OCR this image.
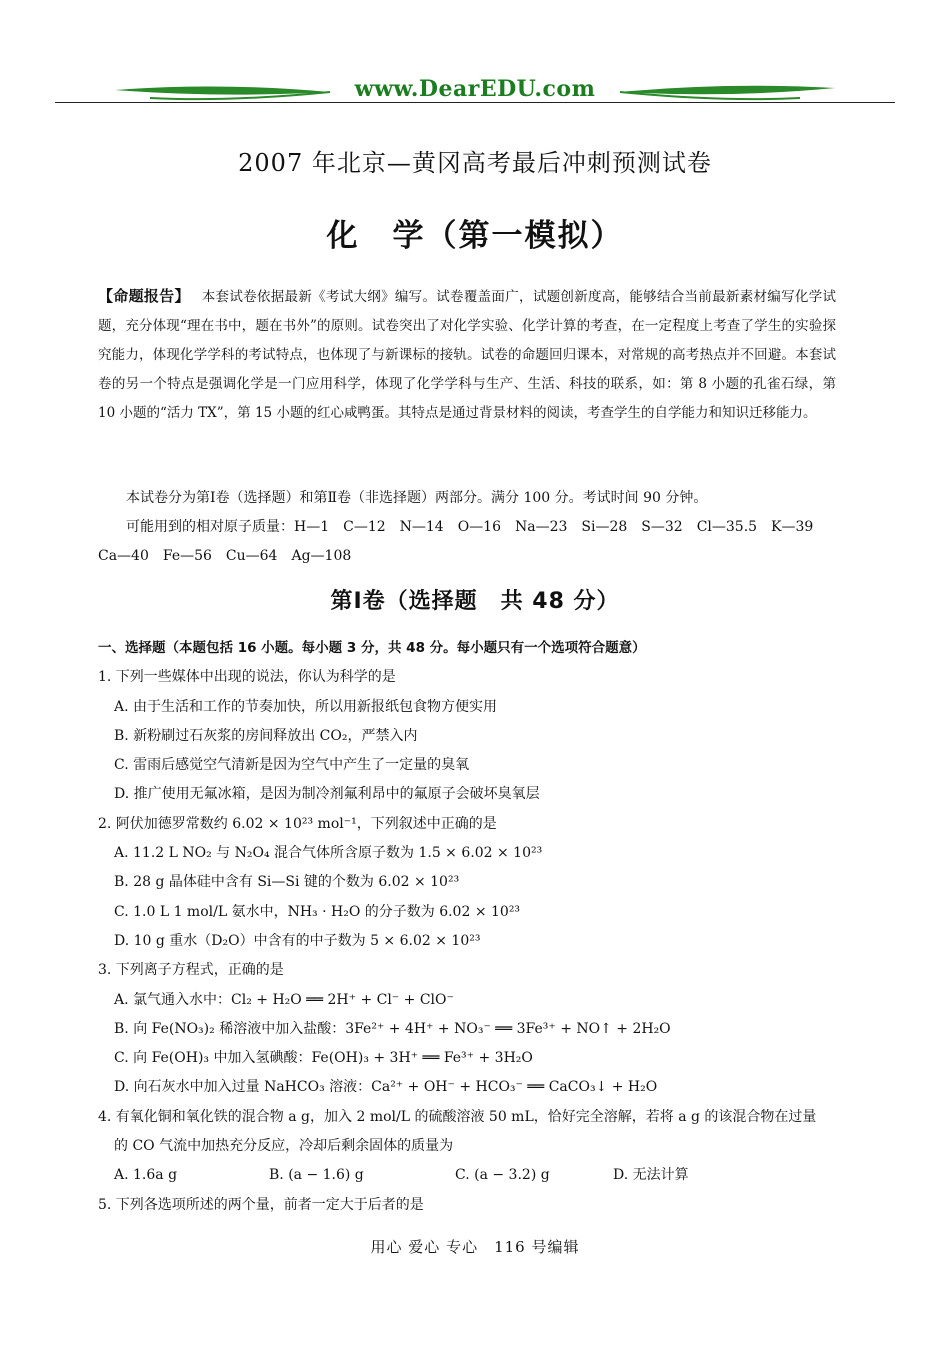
www.DearEDU.com
2007 年北京—黄冈高考最后冲刺预测试卷
化　学（第一模拟）
【命题报告】 本套试卷依据最新《考试大纲》编写。试卷覆盖面广，试题创新度高，能够结合当前最新素材编写化学试题，充分体现“理在书中，题在书外”的原则。试卷突出了对化学实验、化学计算的考查，在一定程度上考查了学生的实验探究能力，体现化学学科的考试特点，也体现了与新课标的接轨。试卷的命题回归课本，对常规的高考热点并不回避。本套试卷的另一个特点是强调化学是一门应用科学，体现了化学学科与生产、生活、科技的联系，如：第 8 小题的孔雀石绿，第 10 小题的“活力 TX”，第 15 小题的红心咸鸭蛋。其特点是通过背景材料的阅读，考查学生的自学能力和知识迁移能力。
本试卷分为第Ⅰ卷（选择题）和第Ⅱ卷（非选择题）两部分。满分 100 分。考试时间 90 分钟。
可能用到的相对原子质量：H—1　C—12　N—14　O—16　Na—23　Si—28　S—32　Cl—35.5　K—39
Ca—40　Fe—56　Cu—64　Ag—108
第Ⅰ卷（选择题　共 48 分）
一、选择题（本题包括 16 小题。每小题 3 分，共 48 分。每小题只有一个选项符合题意）
1. 下列一些媒体中出现的说法，你认为科学的是
A. 由于生活和工作的节奏加快，所以用新报纸包食物方便实用
B. 新粉刷过石灰浆的房间释放出 CO₂，严禁入内
C. 雷雨后感觉空气清新是因为空气中产生了一定量的臭氧
D. 推广使用无氟冰箱，是因为制冷剂氟利昂中的氟原子会破坏臭氧层
2. 阿伏加德罗常数约 6.02 × 10²³ mol⁻¹，下列叙述中正确的是
A. 11.2 L NO₂ 与 N₂O₄ 混合气体所含原子数为 1.5 × 6.02 × 10²³
B. 28 g 晶体硅中含有 Si—Si 键的个数为 6.02 × 10²³
C. 1.0 L 1 mol/L 氨水中，NH₃ · H₂O 的分子数为 6.02 × 10²³
D. 10 g 重水（D₂O）中含有的中子数为 5 × 6.02 × 10²³
3. 下列离子方程式，正确的是
A. 氯气通入水中：Cl₂ + H₂O ══ 2H⁺ + Cl⁻ + ClO⁻
B. 向 Fe(NO₃)₂ 稀溶液中加入盐酸：3Fe²⁺ + 4H⁺ + NO₃⁻ ══ 3Fe³⁺ + NO↑ + 2H₂O
C. 向 Fe(OH)₃ 中加入氢碘酸：Fe(OH)₃ + 3H⁺ ══ Fe³⁺ + 3H₂O
D. 向石灰水中加入过量 NaHCO₃ 溶液：Ca²⁺ + OH⁻ + HCO₃⁻ ══ CaCO₃↓ + H₂O
4. 有氧化铜和氧化铁的混合物 a g，加入 2 mol/L 的硫酸溶液 50 mL，恰好完全溶解，若将 a g 的该混合物在过量
的 CO 气流中加热充分反应，冷却后剩余固体的质量为
A. 1.6a g	B. (a − 1.6) g	C. (a − 3.2) g	D. 无法计算
5. 下列各选项所述的两个量，前者一定大于后者的是
用心 爱心 专心　116 号编辑
